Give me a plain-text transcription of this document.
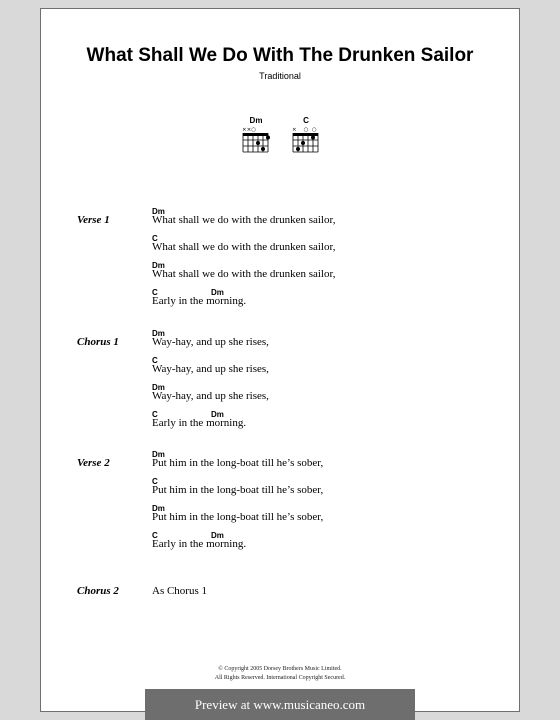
What Shall We Do With The Drunken Sailor
Traditional
Dm
××○
C
×    ○  ○
Dm
What shall we do with the drunken sailor,
Verse 1
C
What shall we do with the drunken sailor,
Dm
What shall we do with the drunken sailor,
C	Dm
Early in the morning.
Dm
Way-hay, and up she rises,
Chorus 1
C
Way-hay, and up she rises,
Dm
Way-hay, and up she rises,
C	Dm
Early in the morning.
Dm
Put him in the long-boat till he’s sober,
Verse 2
C
Put him in the long-boat till he’s sober,
Dm
Put him in the long-boat till he’s sober,
C	Dm
Early in the morning.
As Chorus 1
Chorus 2
© Copyright 2005 Dorsey Brothers Music Limited.
All Rights Reserved. International Copyright Secured.
Preview at www.musicaneo.com
